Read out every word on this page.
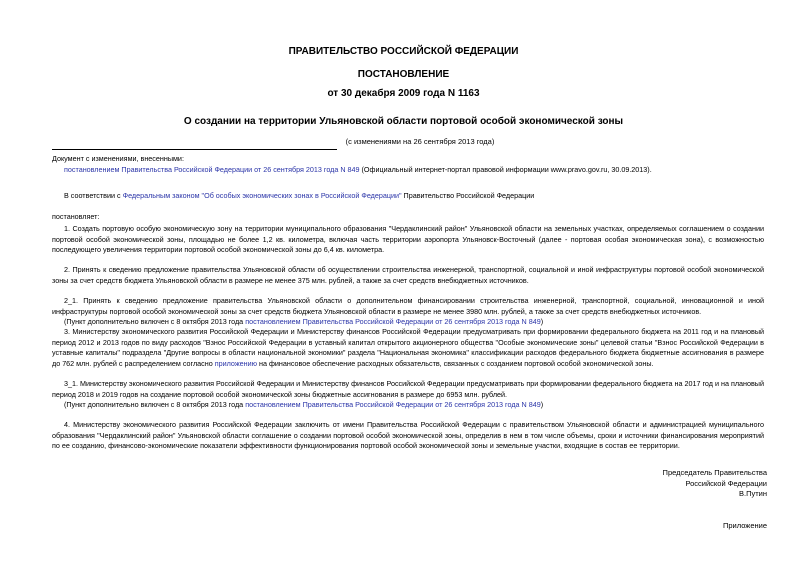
ПРАВИТЕЛЬСТВО РОССИЙСКОЙ ФЕДЕРАЦИИ
ПОСТАНОВЛЕНИЕ
от 30 декабря 2009 года N 1163
О создании на территории Ульяновской области портовой особой экономической зоны
(с изменениями на 26 сентября 2013 года)

Документ с изменениями, внесенными:

постановлением Правительства Российской Федерации от 26 сентября 2013 года N 849 (Официальный интернет-портал правовой информации www.pravo.gov.ru, 30.09.2013).

В соответствии с Федеральным законом "Об особых экономических зонах в Российской Федерации" Правительство Российской Федерации
постановляет:
1. Создать портовую особую экономическую зону на территории муниципального образования "Чердаклинский район" Ульяновской области на земельных участках, определяемых соглашением о создании портовой особой экономической зоны, площадью не более 1,2 кв. километра, включая часть территории аэропорта Ульяновск-Восточный (далее - портовая особая экономическая зона), с возможностью последующего увеличения территории портовой особой экономической зоны до 6,4 кв. километра.
2. Принять к сведению предложение правительства Ульяновской области об осуществлении строительства инженерной, транспортной, социальной и иной инфраструктуры портовой особой экономической зоны за счет средств бюджета Ульяновской области в размере не менее 375 млн. рублей, а также за счет средств внебюджетных источников.
2_1. Принять к сведению предложение правительства Ульяновской области о дополнительном финансировании строительства инженерной, транспортной, социальной, инновационной и иной инфраструктуры портовой особой экономической зоны за счет средств бюджета Ульяновской области в размере не менее 3980 млн. рублей, а также за счет средств внебюджетных источников.
(Пункт дополнительно включен с 8 октября 2013 года постановлением Правительства Российской Федерации от 26 сентября 2013 года N 849)
3. Министерству экономического развития Российской Федерации и Министерству финансов Российской Федерации предусматривать при формировании федерального бюджета на 2011 год и на плановый период 2012 и 2013 годов по виду расходов "Взнос Российской Федерации в уставный капитал открытого акционерного общества "Особые экономические зоны" целевой статьи "Взнос Российской Федерации в уставные капиталы" подраздела "Другие вопросы в области национальной экономики" раздела "Национальная экономика" классификации расходов федерального бюджета бюджетные ассигнования в размере до 762 млн. рублей с распределением согласно приложению на финансовое обеспечение расходных обязательств, связанных с созданием портовой особой экономической зоны.
3_1. Министерству экономического развития Российской Федерации и Министерству финансов Российской Федерации предусматривать при формировании федерального бюджета на 2017 год и на плановый период 2018 и 2019 годов на создание портовой особой экономической зоны бюджетные ассигнования в размере до 6953 млн. рублей.
(Пункт дополнительно включен с 8 октября 2013 года постановлением Правительства Российской Федерации от 26 сентября 2013 года N 849)
4. Министерству экономического развития Российской Федерации заключить от имени Правительства Российской Федерации с правительством Ульяновской области и администрацией муниципального образования "Чердаклинский район" Ульяновской области соглашение о создании портовой особой экономической зоны, определив в нем в том числе объемы, сроки и источники финансирования мероприятий по ее созданию, финансово-экономические показатели эффективности функционирования портовой особой экономической зоны и земельные участки, входящие в состав ее территории.
Председатель Правительства
Российской Федерации
В.Путин
Приложение
